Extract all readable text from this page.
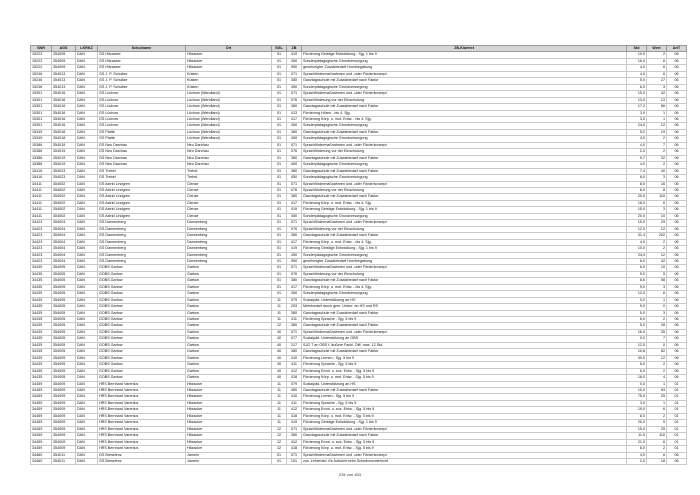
SNR	AGS	LKRKZ	Schulname	Ort	SGL	ZB	ZB-Klartext	Std	Wert	ArtT
15222	354009	DAN	GS Hitzacker	Hitzacker	01	419	Förderung Geistige Entwicklung - Sjg. 1 bis 9	10,0	2	06
15222	354009	DAN	GS Hitzacker	Hitzacker	01	450	Sonderpädagogische Grundversorgung	16,0	6	06
15222	354009	DAN	GS Hitzacker	Hitzacker	01	950	genehmigter Zusatzbedarf Hochbegabung	4,0	6	06
15246	354013	DAN	GS J. P. Schultze	Küsten	01	071	Sprachfördermaßnahmen und -oder Förderkonzept	4,0	6	06
15246	354013	DAN	GS J. P. Schultze	Küsten	01	380	Ganztagsschule mit Zusatzbedarf nach Faktor	5,0	27	06
15246	354013	DAN	GS J. P. Schultze	Küsten	01	450	Sonderpädagogische Grundversorgung	6,0	3	06
15301	354016	DAN	GS Lüchow	Lüchow (Wendland)	01	071	Sprachfördermaßnahmen und -oder Förderkonzept	15,0	42	06
15301	354016	DAN	GS Lüchow	Lüchow (Wendland)	01	076	Sprachförderung vor der Einschulung	13,0	13	06
15301	354016	DAN	GS Lüchow	Lüchow (Wendland)	01	380	Ganztagsschule mit Zusatzbedarf nach Faktor	17,2	86	06
15301	354016	DAN	GS Lüchow	Lüchow (Wendland)	01	413	Förderung Hören - bis 4. Sjg.	3,0	1	06
15301	354016	DAN	GS Lüchow	Lüchow (Wendland)	01	417	Förderung Körp. u. mot. Entw. - bis 4. Sjg.	3,0	1	06
15301	354016	DAN	GS Lüchow	Lüchow (Wendland)	01	450	Sonderpädagogische Grundversorgung	24,0	12	06
15349	354018	DAN	GS Platte	Lüchow (Wendland)	01	380	Ganztagsschule mit Zusatzbedarf nach Faktor	5,0	19	06
15349	354018	DAN	GS Platte	Lüchow (Wendland)	01	450	Sonderpädagogische Grundversorgung	4,0	2	06
15386	354019	DAN	GS Neu Darchau	Neu Darchau	01	071	Sprachfördermaßnahmen und -oder Förderkonzept	4,0	7	06
15386	354019	DAN	GS Neu Darchau	Neu Darchau	01	076	Sprachförderung vor der Einschulung	2,0	2	06
15386	354019	DAN	GS Neu Darchau	Neu Darchau	01	380	Ganztagsschule mit Zusatzbedarf nach Faktor	9,7	32	06
15386	354019	DAN	GS Neu Darchau	Neu Darchau	01	450	Sonderpädagogische Grundversorgung	4,0	2	06
15416	354023	DAN	GS Trebel	Trebel	01	380	Ganztagsschule mit Zusatzbedarf nach Faktor	7,4	40	06
15416	354023	DAN	GS Trebel	Trebel	01	450	Sonderpädagogische Grundversorgung	6,0	3	06
34411	354002	DAN	GS Astrid Lindgren	Clenze	01	071	Sprachfördermaßnahmen und -oder Förderkonzept	8,0	16	06
34411	354002	DAN	GS Astrid Lindgren	Clenze	01	076	Sprachförderung vor der Einschulung	8,0	8	06
34411	354002	DAN	GS Astrid Lindgren	Clenze	01	380	Ganztagsschule mit Zusatzbedarf nach Faktor	20,5	110	06
34411	354002	DAN	GS Astrid Lindgren	Clenze	01	417	Förderung Körp. u. mot. Entw. - bis 4. Sjg.	18,0	6	06
34411	354002	DAN	GS Astrid Lindgren	Clenze	01	419	Förderung Geistige Entwicklung - Sjg. 1 bis 9	15,0	3	06
34411	354002	DAN	GS Astrid Lindgren	Clenze	01	450	Sonderpädagogische Grundversorgung	20,0	10	06
34423	354004	DAN	GS Dannenberg	Dannenberg	01	071	Sprachfördermaßnahmen und -oder Förderkonzept	15,0	29	06
34423	354004	DAN	GS Dannenberg	Dannenberg	01	076	Sprachförderung vor der Einschulung	12,0	12	06
34423	354004	DAN	GS Dannenberg	Dannenberg	01	380	Ganztagsschule mit Zusatzbedarf nach Faktor	31,4	202	06
34423	354004	DAN	GS Dannenberg	Dannenberg	01	417	Förderung Körp. u. mot. Entw. - bis 4. Sjg.	4,0	2	06
34423	354004	DAN	GS Dannenberg	Dannenberg	01	419	Förderung Geistige Entwicklung - Sjg. 1 bis 9	10,0	2	06
34423	354004	DAN	GS Dannenberg	Dannenberg	01	450	Sonderpädagogische Grundversorgung	24,0	12	06
34423	354004	DAN	GS Dannenberg	Dannenberg	01	950	genehmigter Zusatzbedarf Hochbegabung	6,0	42	06
34435	354005	DAN	GOBS Gartow	Gartow	01	071	Sprachfördermaßnahmen und -oder Förderkonzept	6,0	10	06
34435	354005	DAN	GOBS Gartow	Gartow	01	076	Sprachförderung vor der Einschulung	5,0	5	06
34435	354005	DAN	GOBS Gartow	Gartow	01	380	Ganztagsschule mit Zusatzbedarf nach Faktor	8,6	58	06
34435	354005	DAN	GOBS Gartow	Gartow	01	417	Förderung Körp. u. mot. Entw. - bis 4. Sjg.	9,0	3	06
34435	354005	DAN	GOBS Gartow	Gartow	01	450	Sonderpädagogische Grundversorgung	12,0	6	06
34435	354005	DAN	GOBS Gartow	Gartow	11	079	Sozialpäd. Unterstützung an HS	0,0	1	06
34435	354005	DAN	GOBS Gartow	Gartow	11	203	Mehrbedarf durch gem. Unterr. an HS und RS	9,0	0	06
34435	354005	DAN	GOBS Gartow	Gartow	11	380	Ganztagsschule mit Zusatzbedarf nach Faktor	5,0	3	06
34435	354005	DAN	GOBS Gartow	Gartow	11	411	Förderung Sprache - Sjg. 5 bis 9	6,0	2	06
34435	354005	DAN	GOBS Gartow	Gartow	12	380	Ganztagsschule mit Zusatzbedarf nach Faktor	5,0	28	06
34435	354005	DAN	GOBS Gartow	Gartow	40	071	Sprachfördermaßnahmen und -oder Förderkonzept	16,0	35	06
34435	354005	DAN	GOBS Gartow	Gartow	40	077	Sozialpäd. Unterstützung an OBS	0,0	7	06
34435	354005	DAN	GOBS Gartow	Gartow	40	217	SJG 7 an OBS f. äußere Fachl. Diff. max. 12 Std.	12,0	0	06
34435	354005	DAN	GOBS Gartow	Gartow	40	380	Ganztagsschule mit Zusatzbedarf nach Faktor	10,8	82	06
34435	354005	DAN	GOBS Gartow	Gartow	40	410	Förderung Lernen - Sjg. 5 bis 9	30,0	12	06
34435	354005	DAN	GOBS Gartow	Gartow	40	411	Förderung Sprache - Sjg. 5 bis 9	6,0	2	06
34435	354005	DAN	GOBS Gartow	Gartow	40	412	Förderung Emot. u. soz. Entw. - Sjg. 5 bis 9	6,0	2	06
34435	354005	DAN	GOBS Gartow	Gartow	40	418	Förderung Körp. u. mot. Entw. - Sjg. 5 bis 9	16,0	4	06
34459	354009	DAN	HRS Bernhard Varenius	Hitzacker	11	079	Sozialpäd. Unterstützung an HS	0,0	1	01
34459	354009	DAN	HRS Bernhard Varenius	Hitzacker	11	380	Ganztagsschule mit Zusatzbedarf nach Faktor	10,0	53	01
34459	354009	DAN	HRS Bernhard Varenius	Hitzacker	11	410	Förderung Lernen - Sjg. 5 bis 9	75,0	25	01
34459	354009	DAN	HRS Bernhard Varenius	Hitzacker	11	411	Förderung Sprache - Sjg. 5 bis 9	3,0	1	01
34459	354009	DAN	HRS Bernhard Varenius	Hitzacker	11	412	Förderung Emot. u. soz. Entw. - Sjg. 5 bis 9	19,0	6	01
34459	354009	DAN	HRS Bernhard Varenius	Hitzacker	11	418	Förderung Körp. u. mot. Entw. - Sjg. 5 bis 9	8,0	2	01
34459	354009	DAN	HRS Bernhard Varenius	Hitzacker	11	419	Förderung Geistige Entwicklung - Sjg. 1 bis 9	20,0	5	01
34459	354009	DAN	HRS Bernhard Varenius	Hitzacker	12	071	Sprachfördermaßnahmen und -oder Förderkonzept	15,0	25	01
34459	354009	DAN	HRS Bernhard Varenius	Hitzacker	12	380	Ganztagsschule mit Zusatzbedarf nach Faktor	11,5	110	01
34459	354009	DAN	HRS Bernhard Varenius	Hitzacker	12	412	Förderung Emot. u. soz. Entw. - Sjg. 5 bis 9	21,0	6	01
34459	354009	DAN	HRS Bernhard Varenius	Hitzacker	12	418	Förderung Körp. u. mot. Entw. - Sjg. 5 bis 9	8,0	2	01
34460	354011	DAN	GS Breselenz	Jameln	01	071	Sprachfördermaßnahmen und -oder Förderkonzept	4,0	6	06
34460	354011	DAN	GS Breselenz	Jameln	01	151	zus. Lehrerstd. für Aufsicht beim Schwimmunterricht	2,0	18	06
234 von 453
